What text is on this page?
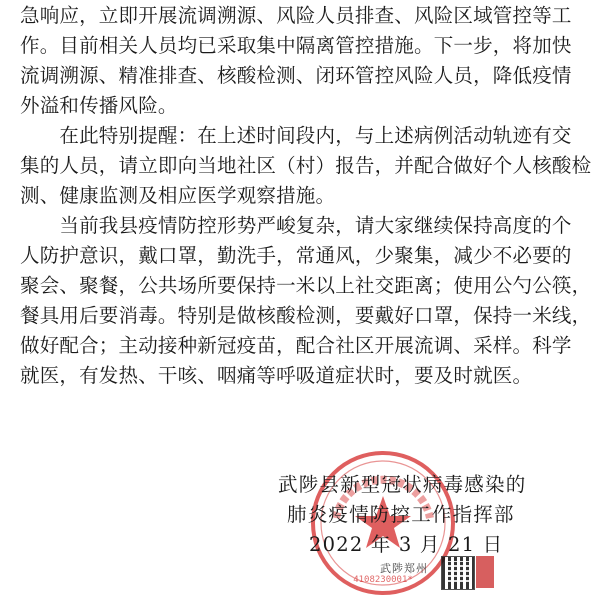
急响应，立即开展流调溯源、风险人员排查、风险区域管控等工
作。目前相关人员均已采取集中隔离管控措施。下一步，将加快
流调溯源、精准排查、核酸检测、闭环管控风险人员，降低疫情
外溢和传播风险。
　　在此特别提醒：在上述时间段内，与上述病例活动轨迹有交
集的人员，请立即向当地社区（村）报告，并配合做好个人核酸检
测、健康监测及相应医学观察措施。
　　当前我县疫情防控形势严峻复杂，请大家继续保持高度的个
人防护意识，戴口罩，勤洗手，常通风，少聚集，减少不必要的
聚会、聚餐，公共场所要保持一米以上社交距离；使用公勺公筷，
餐具用后要消毒。特别是做核酸检测，要戴好口罩，保持一米线，
做好配合；主动接种新冠疫苗，配合社区开展流调、采样。科学
就医，有发热、干咳、咽痛等呼吸道症状时，要及时就医。
4108230001*
武陟县新型冠状病毒感染的
肺炎疫情防控工作指挥部
2022 年 3 月 21 日
武陟郑州
